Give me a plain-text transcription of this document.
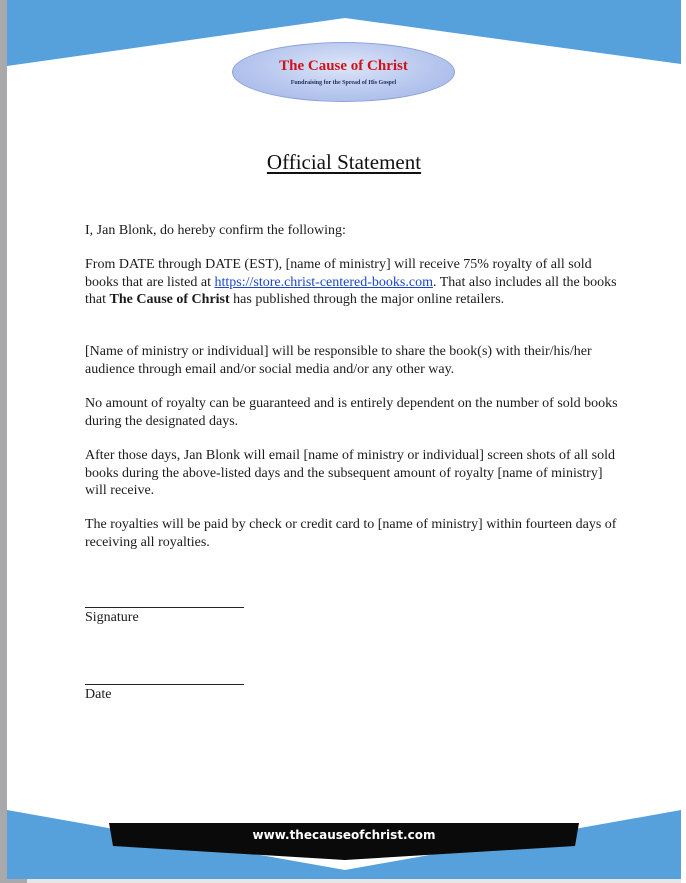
The Cause of Christ
Fundraising for the Spread of His Gospel
Official Statement

I, Jan Blonk, do hereby confirm the following:

From DATE through DATE (EST), [name of ministry] will receive 75% royalty of all sold books that are listed at https://store.christ-centered-books.com. That also includes all the books that The Cause of Christ has published through the major online retailers.

[Name of ministry or individual] will be responsible to share the book(s) with their/his/her audience through email and/or social media and/or any other way.

No amount of royalty can be guaranteed and is entirely dependent on the number of sold books during the designated days.

After those days, Jan Blonk will email [name of ministry or individual] screen shots of all sold books during the above-listed days and the subsequent amount of royalty [name of ministry] will receive.

The royalties will be paid by check or credit card to [name of ministry] within fourteen days of receiving all royalties.

Signature
Date
www.thecauseofchrist.com
